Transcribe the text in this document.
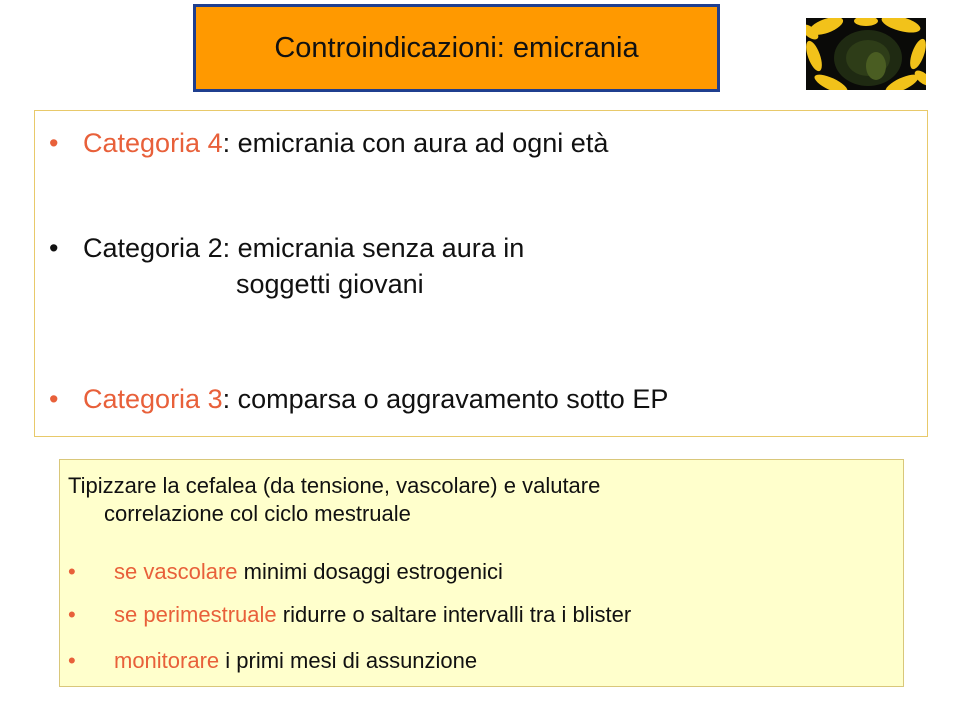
Controindicazioni: emicrania
• Categoria 4: emicrania con aura ad ogni età
• Categoria 2: emicrania senza aura in
soggetti giovani
• Categoria 3: comparsa o aggravamento sotto EP
Tipizzare la cefalea (da tensione, vascolare) e valutare
correlazione col ciclo mestruale
•	se vascolare minimi dosaggi estrogenici
•	se perimestruale ridurre o saltare intervalli tra i blister
•	monitorare i primi mesi di assunzione
